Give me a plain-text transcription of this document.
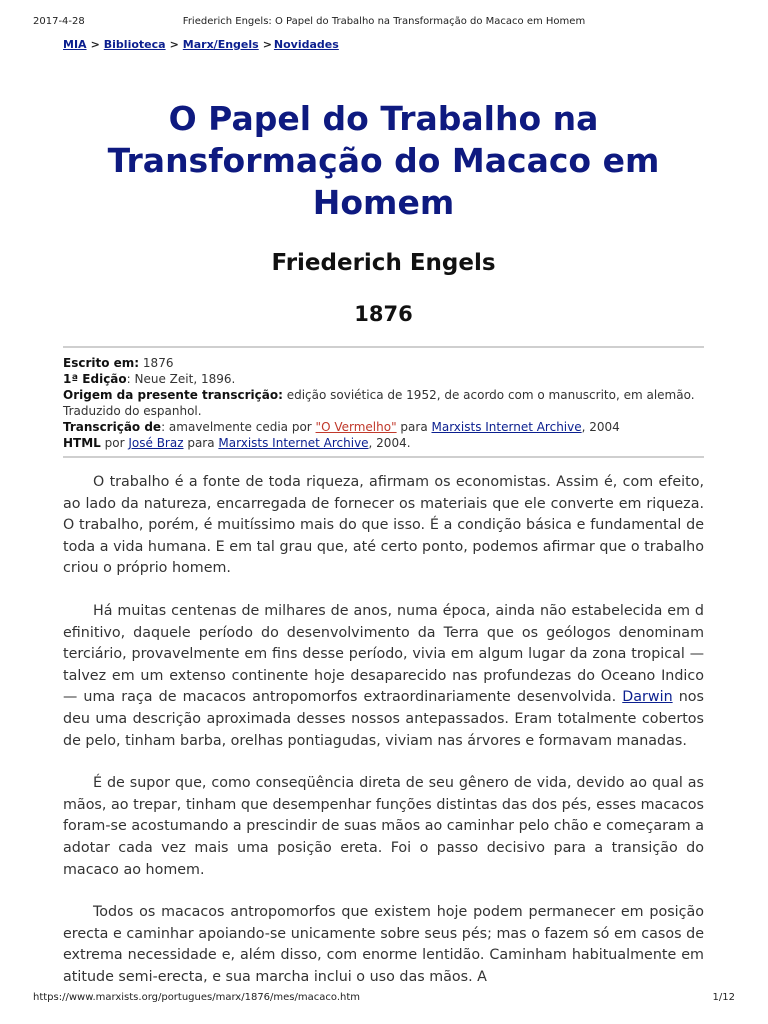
2017-4-28	Friederich Engels: O Papel do Trabalho na Transformação do Macaco em Homem
MIA > Biblioteca > Marx/Engels > Novidades
O Papel do Trabalho na Transformação do Macaco em Homem
Friederich Engels
1876
Escrito em: 1876
1ª Edição: Neue Zeit, 1896.
Origem da presente transcrição: edição soviética de 1952, de acordo com o manuscrito, em alemão. Traduzido do espanhol.
Transcrição de: amavelmente cedia por "O Vermelho" para Marxists Internet Archive, 2004
HTML por José Braz para Marxists Internet Archive, 2004.

O trabalho é a fonte de toda riqueza, afirmam os economistas. Assim é, com efeito, ao lado da natureza, encarregada de fornecer os materiais que ele converte em riqueza. O trabalho, porém, é muitíssimo mais do que isso. É a condição básica e fundamental de toda a vida humana. E em tal grau que, até certo ponto, podemos afirmar que o trabalho criou o próprio homem.

Há muitas centenas de milhares de anos, numa época, ainda não estabelecida em d efinitivo, daquele período do desenvolvimento da Terra que os geólogos denominam terciário, provavelmente em fins desse período, vivia em algum lugar da zona tropical — talvez em um extenso continente hoje desaparecido nas profundezas do Oceano Indico — uma raça de macacos antropomorfos extraordinariamente desenvolvida. Darwin nos deu uma descrição aproximada desses nossos antepassados. Eram totalmente cobertos de pelo, tinham barba, orelhas pontiagudas, viviam nas árvores e formavam manadas.

É de supor que, como conseqüência direta de seu gênero de vida, devido ao qual as mãos, ao trepar, tinham que desempenhar funções distintas das dos pés, esses macacos foram-se acostumando a prescindir de suas mãos ao caminhar pelo chão e começaram a adotar cada vez mais uma posição ereta. Foi o passo decisivo para a transição do macaco ao homem.

Todos os macacos antropomorfos que existem hoje podem permanecer em posição erecta e caminhar apoiando-se unicamente sobre seus pés; mas o fazem só em casos de extrema necessidade e, além disso, com enorme lentidão. Caminham habitualmente em atitude semi-erecta, e sua marcha inclui o uso das mãos. A

https://www.marxists.org/portugues/marx/1876/mes/macaco.htm	1/12
